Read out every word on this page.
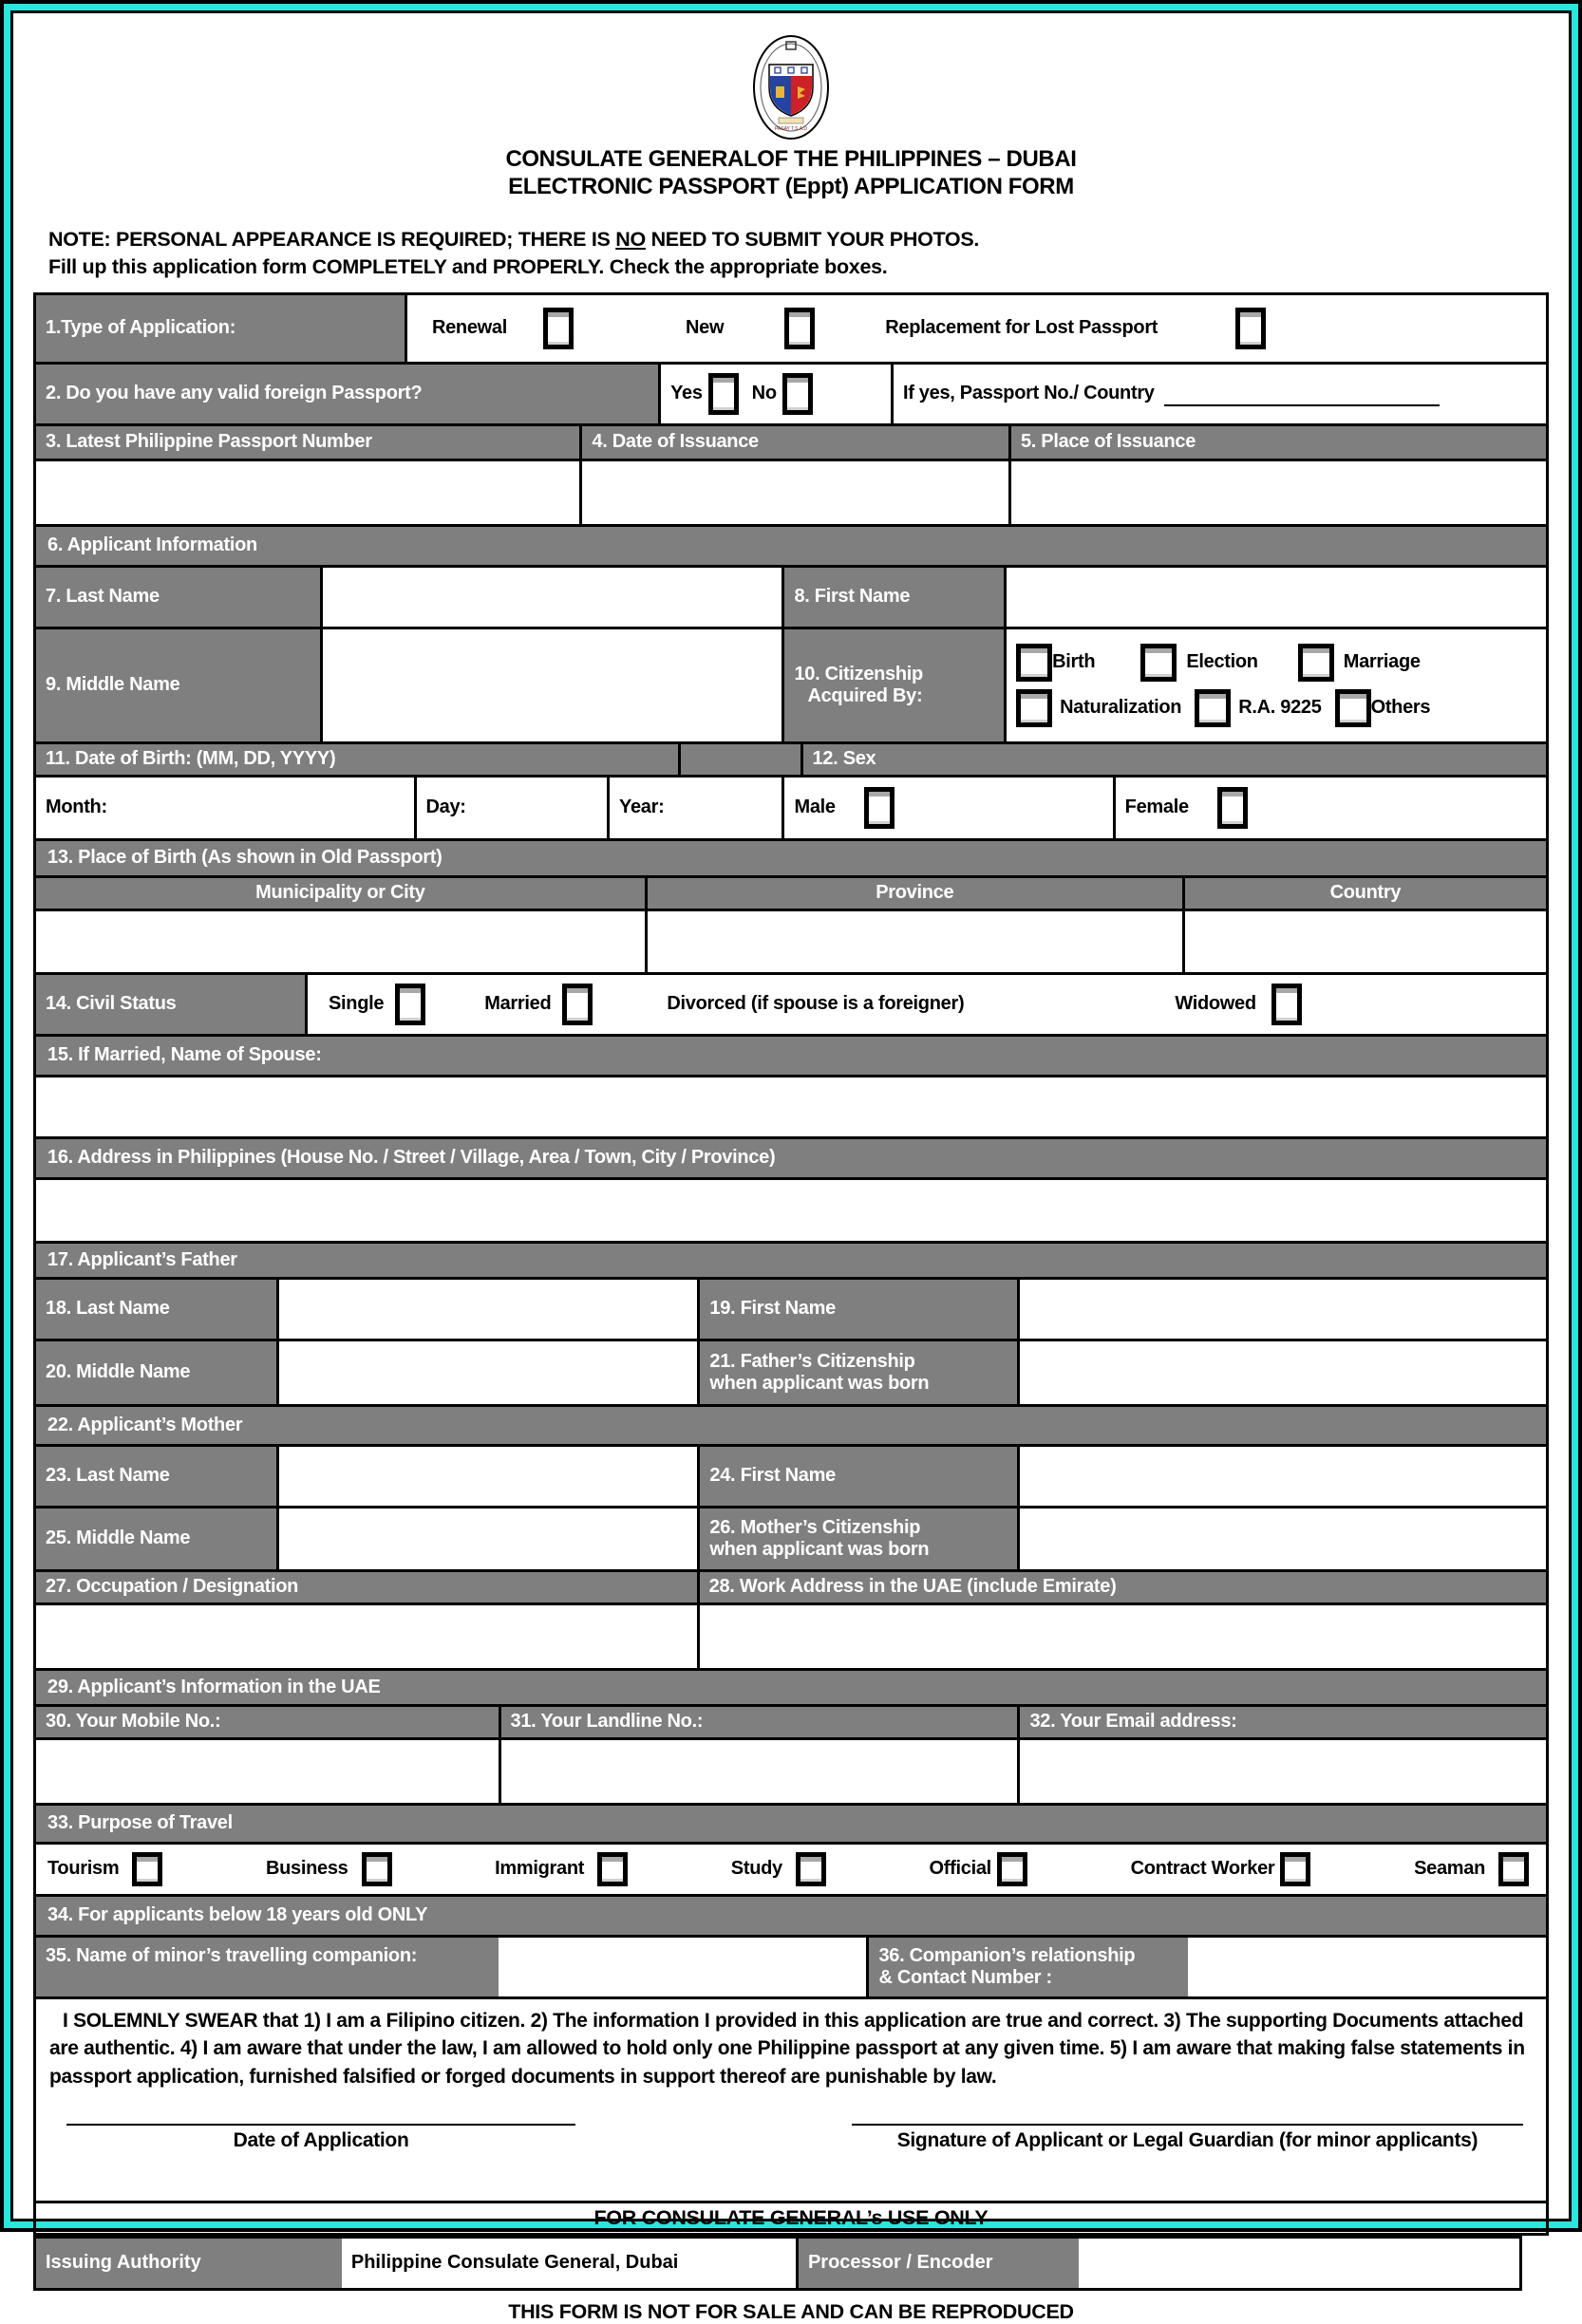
PASAY T.S.A.D
CONSULATE GENERALOF THE PHILIPPINES – DUBAI
ELECTRONIC PASSPORT (Eppt) APPLICATION FORM
NOTE: PERSONAL APPEARANCE IS REQUIRED; THERE IS NO NEED TO SUBMIT YOUR PHOTOS.
Fill up this application form COMPLETELY and PROPERLY. Check the appropriate boxes.
1.Type of Application:	Renewal	New	Replacement for Lost Passport
2. Do you have any valid foreign Passport?	Yes	No	If yes, Passport No./ Country
3. Latest Philippine Passport Number	4. Date of Issuance	5. Place of Issuance
6. Applicant Information
7. Last Name	8. First Name
9. Middle Name
10. Citizenship
Acquired By:
Birth	Election	Marriage
Naturalization	R.A. 9225	Others
11. Date of Birth: (MM, DD, YYYY)	12. Sex
Month:	Day:	Year:	Male	Female
13. Place of Birth (As shown in Old Passport)
Municipality or City	Province	Country
14. Civil Status	Single	Married	Divorced (if spouse is a foreigner)	Widowed
15. If Married, Name of Spouse:
16. Address in Philippines (House No. / Street / Village, Area / Town, City / Province)
17. Applicant’s Father
18. Last Name	19. First Name
20. Middle Name
21. Father’s Citizenship
when applicant was born
22. Applicant’s Mother
23. Last Name	24. First Name
25. Middle Name
26. Mother’s Citizenship
when applicant was born
27. Occupation / Designation	28. Work Address in the UAE (include Emirate)
29. Applicant’s Information in the UAE
30. Your Mobile No.:	31. Your Landline No.:	32. Your Email address:
33. Purpose of Travel
Tourism	Business	Immigrant	Study	Official	Contract Worker	Seaman
34. For applicants below 18 years old ONLY
35. Name of minor’s travelling companion:	36. Companion’s relationship
& Contact Number :

I SOLEMNLY SWEAR that 1) I am a Filipino citizen. 2) The information I provided in this application are true and correct. 3) The supporting Documents attached are authentic. 4) I am aware that under the law, I am allowed to hold only one Philippine passport at any given time. 5) I am aware that making false statements in passport application, furnished falsified or forged documents in support thereof are punishable by law.

Date of Application	Signature of Applicant or Legal Guardian (for minor applicants)
FOR CONSULATE GENERAL’s USE ONLY
Issuing Authority	Philippine Consulate General, Dubai	Processor / Encoder
THIS FORM IS NOT FOR SALE AND CAN BE REPRODUCED
